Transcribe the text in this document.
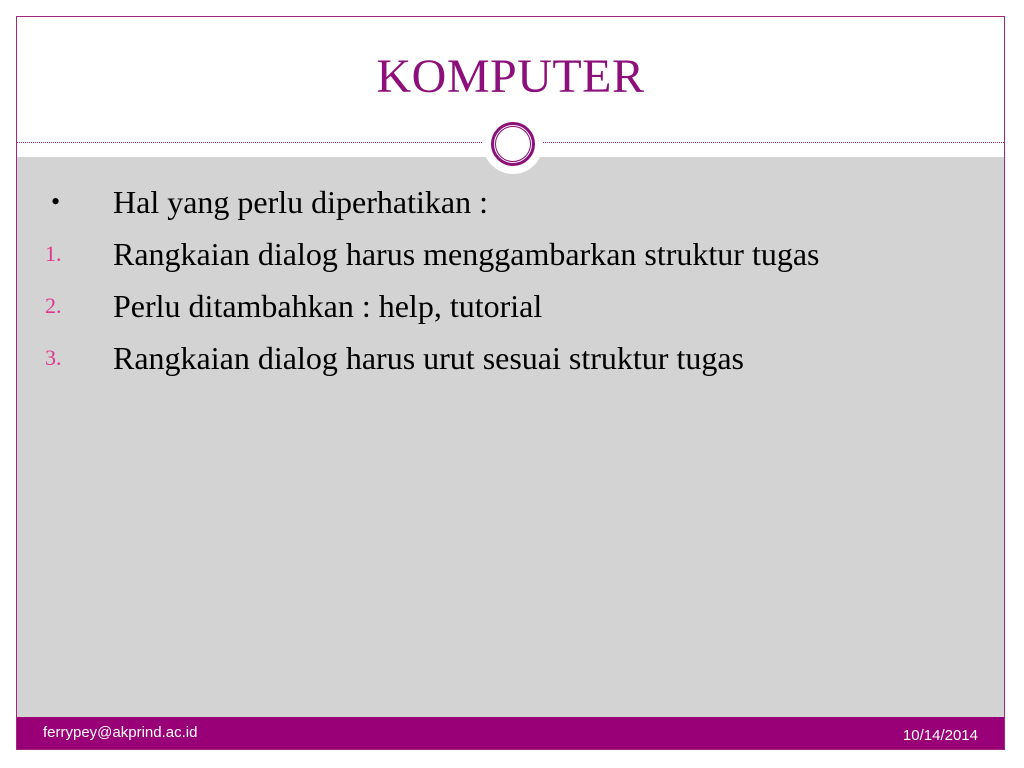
KOMPUTER
• Hal yang perlu diperhatikan :
1. Rangkaian dialog harus menggambarkan struktur tugas
2. Perlu ditambahkan : help, tutorial
3. Rangkaian dialog harus urut sesuai struktur tugas
ferrypey@akprind.ac.id	10/14/2014
